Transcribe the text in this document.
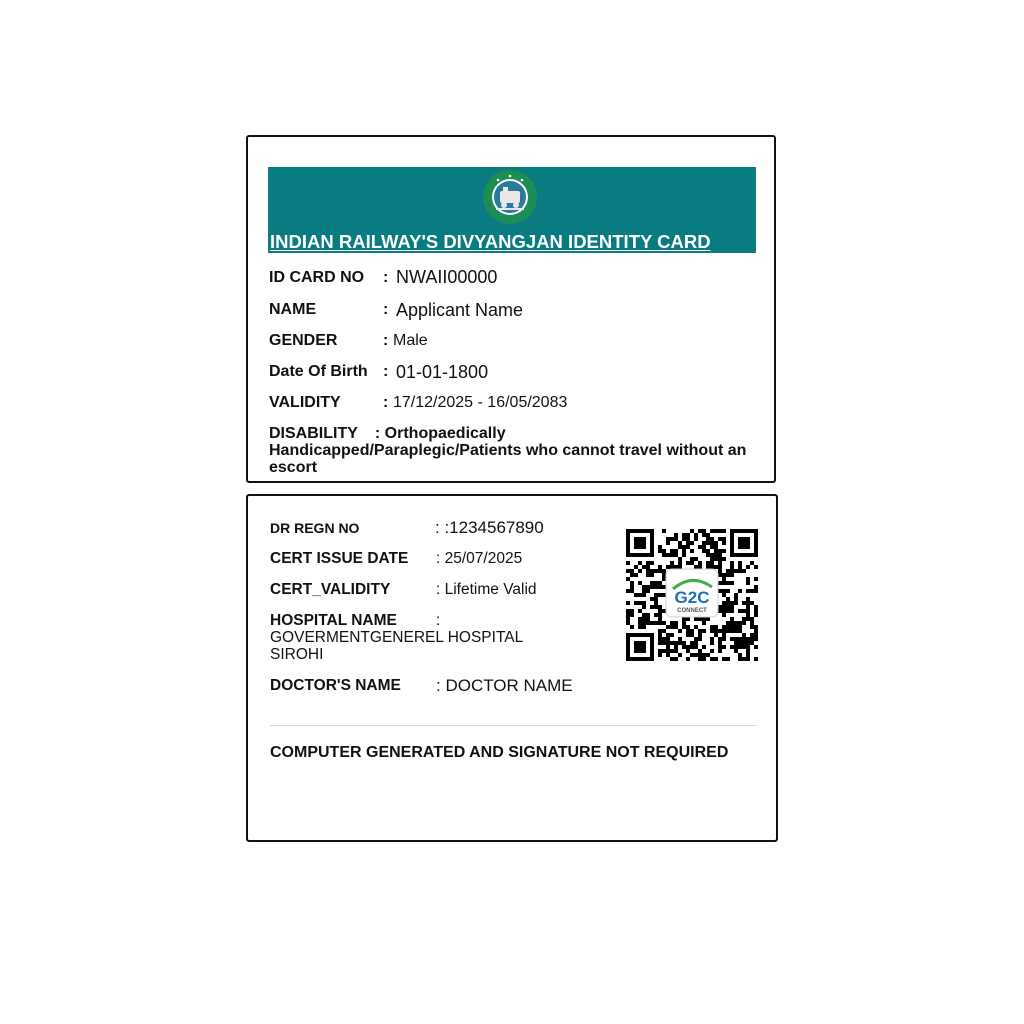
INDIAN RAILWAY'S DIVYANGJAN IDENTITY CARD
ID CARD NO : NWAII00000
NAME	: Applicant Name
GENDER	: Male
Date Of Birth : 01-01-1800
VALIDITY	: 17/12/2025 - 16/05/2083
DISABILITY : Orthopaedically Handicapped/Paraplegic/Patients who cannot travel without an escort
DR REGN NO	: :1234567890
CERT ISSUE DATE : 25/07/2025
CERT_VALIDITY	: Lifetime Valid
HOSPITAL NAME	:
GOVERMENTGENEREL HOSPITAL SIROHI
DOCTOR'S NAME : DOCTOR NAME
G2C
CONNECT
COMPUTER GENERATED AND SIGNATURE NOT REQUIRED
